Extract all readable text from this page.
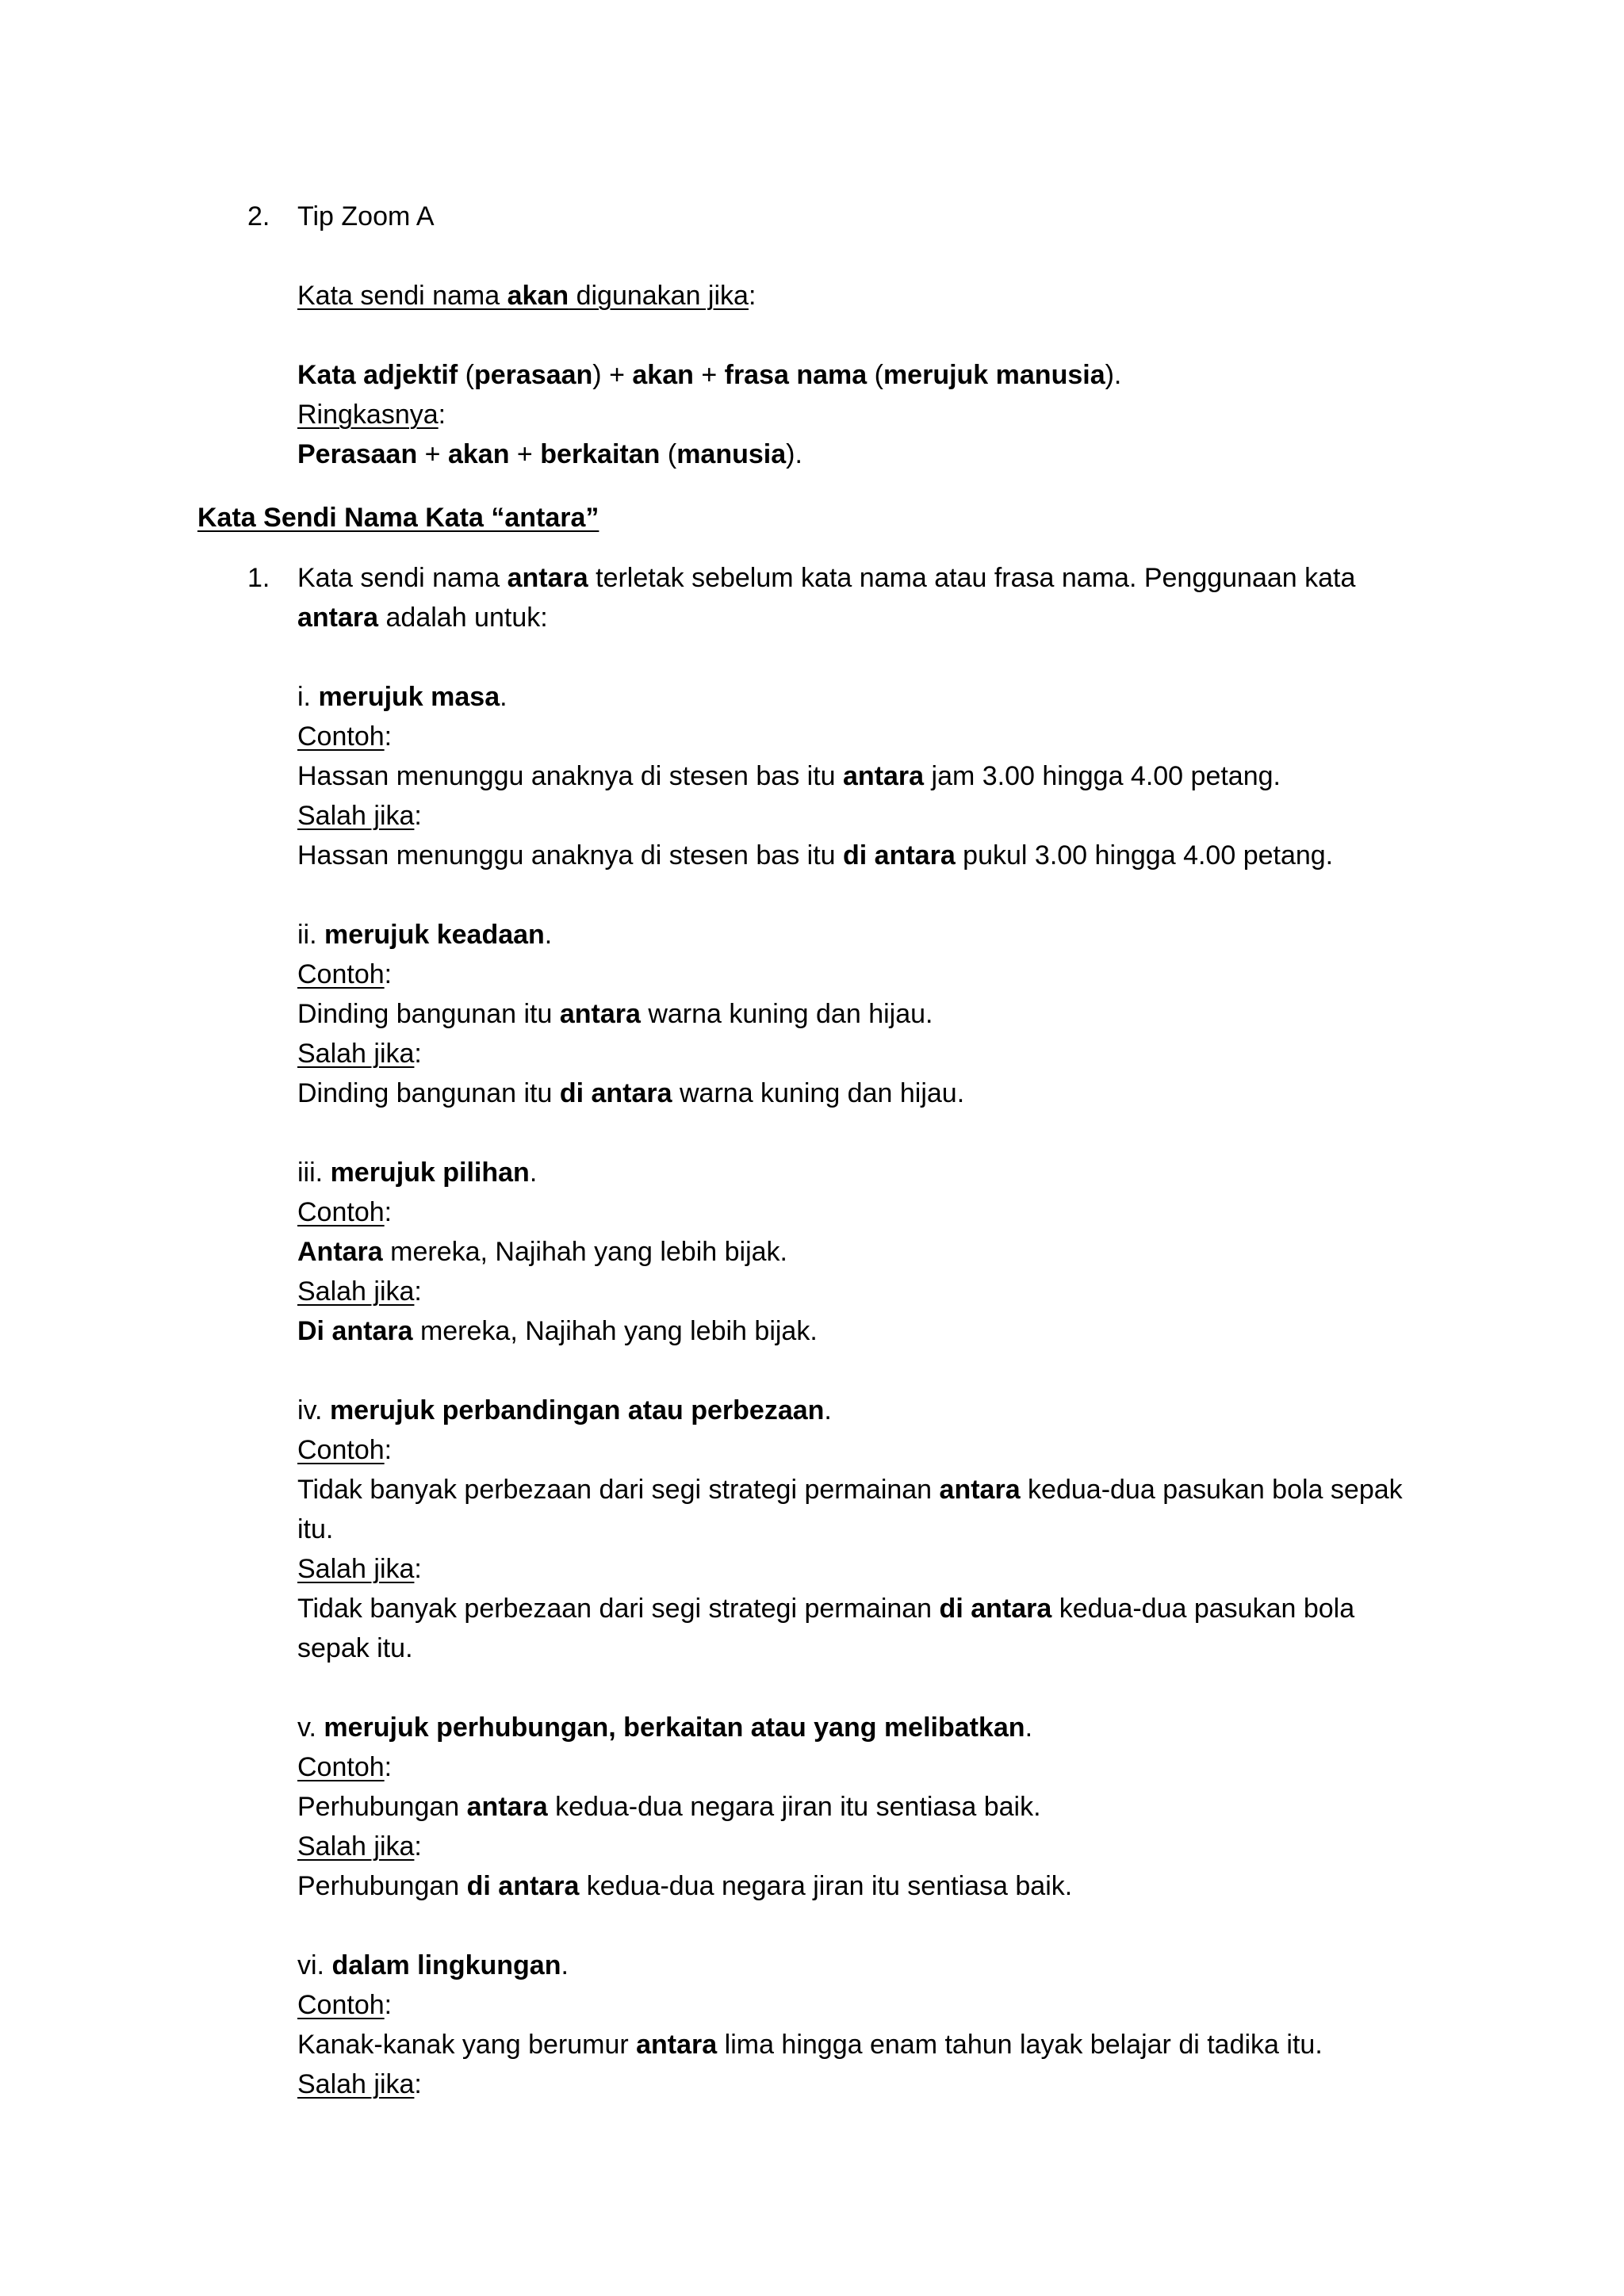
2.	Tip Zoom A
Kata sendi nama akan digunakan jika:
Kata adjektif (perasaan) + akan + frasa nama (merujuk manusia).
Ringkasnya:
Perasaan + akan + berkaitan (manusia).
Kata Sendi Nama Kata “antara”
1.	Kata sendi nama antara terletak sebelum kata nama atau frasa nama. Penggunaan kata
antara adalah untuk:
i. merujuk masa.
Contoh:
Hassan menunggu anaknya di stesen bas itu antara jam 3.00 hingga 4.00 petang.
Salah jika:
Hassan menunggu anaknya di stesen bas itu di antara pukul 3.00 hingga 4.00 petang.
ii. merujuk keadaan.
Contoh:
Dinding bangunan itu antara warna kuning dan hijau.
Salah jika:
Dinding bangunan itu di antara warna kuning dan hijau.
iii. merujuk pilihan.
Contoh:
Antara mereka, Najihah yang lebih bijak.
Salah jika:
Di antara mereka, Najihah yang lebih bijak.
iv. merujuk perbandingan atau perbezaan.
Contoh:
Tidak banyak perbezaan dari segi strategi permainan antara kedua-dua pasukan bola sepak
itu.
Salah jika:
Tidak banyak perbezaan dari segi strategi permainan di antara kedua-dua pasukan bola
sepak itu.
v. merujuk perhubungan, berkaitan atau yang melibatkan.
Contoh:
Perhubungan antara kedua-dua negara jiran itu sentiasa baik.
Salah jika:
Perhubungan di antara kedua-dua negara jiran itu sentiasa baik.
vi. dalam lingkungan.
Contoh:
Kanak-kanak yang berumur antara lima hingga enam tahun layak belajar di tadika itu.
Salah jika:
